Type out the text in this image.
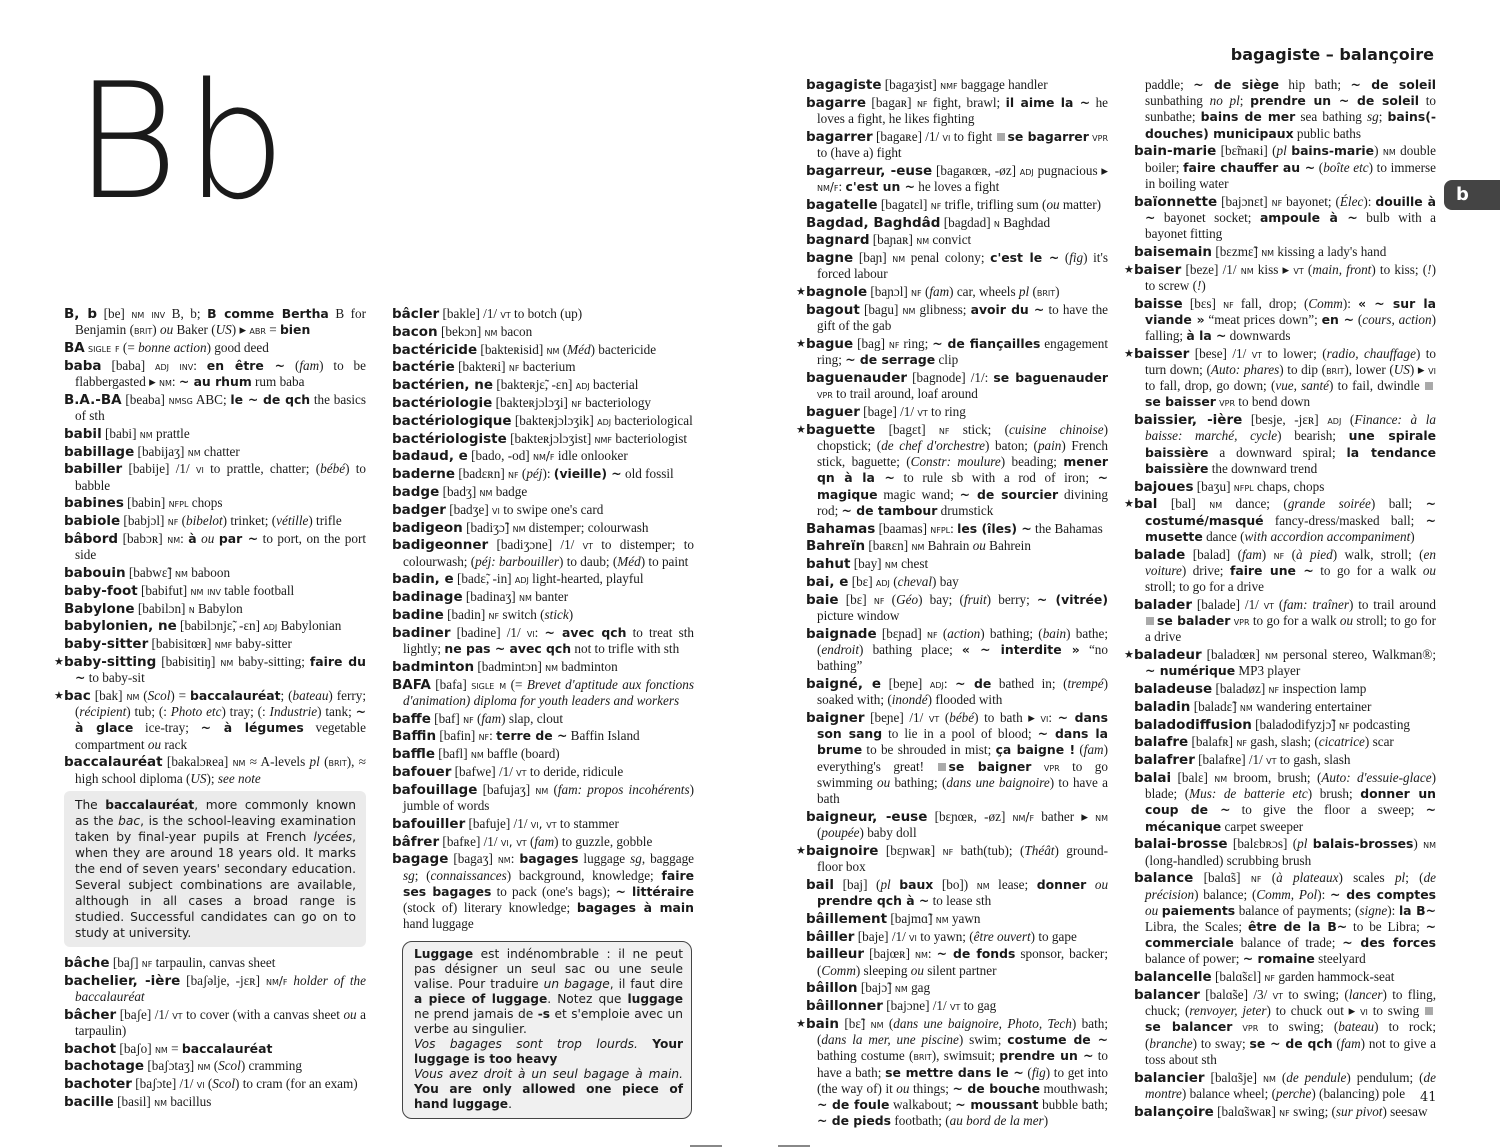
Bb	bagagiste – balançoire
b
41
B, b [be] nm inv B, b; B comme Bertha B for Benjamin (brit) ou Baker (US) ▸ abr = bien
BA sigle f (= bonne action) good deed
baba [baba] adj inv: en être ~ (fam) to be flabbergasted ▸ nm: ~ au rhum rum baba
B.A.-BA [beaba] nmsg ABC; le ~ de qch the basics of sth
babil [babi] nm prattle
babillage [babijaʒ] nm chatter
babiller [babije] /1/ vi to prattle, chatter; (bébé) to babble
babines [babin] nfpl chops
babiole [babjɔl] nf (bibelot) trinket; (vétille) trifle
bâbord [babɔʀ] nm: à ou par ~ to port, on the port side
babouin [babwɛ̃] nm baboon
baby-foot [babifut] nm inv table football
Babylone [babilɔn] n Babylon
babylonien, ne [babilɔnjɛ̃, -ɛn] adj Babylonian
baby-sitter [babisitœʀ] nmf baby-sitter
★ baby-sitting [babisitiŋ] nm baby-sitting; faire du ~ to baby-sit
★ bac [bak] nm (Scol) = baccalauréat; (bateau) ferry; (récipient) tub; (: Photo etc) tray; (: Industrie) tank; ~ à glace ice-tray; ~ à légumes vegetable compartment ou rack
baccalauréat [bakalɔʀea] nm ≈ A-levels pl (brit), ≈ high school diploma (US); see note
The baccalauréat, more commonly known as the bac, is the school-leaving examination taken by final-year pupils at French lycées, when they are around 18 years old. It marks the end of seven years' secondary education. Several subject combinations are available, although in all cases a broad range is studied. Successful candidates can go on to study at university.
bâche [baʃ] nf tarpaulin, canvas sheet
bachelier, -ière [baʃəlje, -jɛʀ] nm/f holder of the baccalauréat
bâcher [baʃe] /1/ vt to cover (with a canvas sheet ou a tarpaulin)
bachot [baʃo] nm = baccalauréat
bachotage [baʃɔtaʒ] nm (Scol) cramming
bachoter [baʃɔte] /1/ vi (Scol) to cram (for an exam)
bacille [basil] nm bacillus
bâcler [bakle] /1/ vt to botch (up)
bacon [bekɔn] nm bacon
bactéricide [bakteʀisid] nm (Méd) bactericide
bactérie [bakteʀi] nf bacterium
bactérien, ne [bakteʀjɛ̃, -ɛn] adj bacterial
bactériologie [bakteʀjɔlɔʒi] nf bacteriology
bactériologique [bakteʀjɔlɔʒik] adj bacteriological
bactériologiste [bakteʀjɔlɔʒist] nmf bacteriologist
badaud, e [bado, -od] nm/f idle onlooker
baderne [badɛʀn] nf (péj): (vieille) ~ old fossil
badge [badʒ] nm badge
badger [badʒe] vi to swipe one's card
badigeon [badiʒɔ̃] nm distemper; colourwash
badigeonner [badiʒɔne] /1/ vt to distemper; to colourwash; (péj: barbouiller) to daub; (Méd) to paint
badin, e [badɛ̃, -in] adj light-hearted, playful
badinage [badinaʒ] nm banter
badine [badin] nf switch (stick)
badiner [badine] /1/ vi: ~ avec qch to treat sth lightly; ne pas ~ avec qch not to trifle with sth
badminton [badmintɔn] nm badminton
BAFA [bafa] sigle m (= Brevet d'aptitude aux fonctions d'animation) diploma for youth leaders and workers
baffe [baf] nf (fam) slap, clout
Baffin [bafin] nf: terre de ~ Baffin Island
baffle [bafl] nm baffle (board)
bafouer [bafwe] /1/ vt to deride, ridicule
bafouillage [bafujaʒ] nm (fam: propos incohérents) jumble of words
bafouiller [bafuje] /1/ vi, vt to stammer
bâfrer [bafʀe] /1/ vi, vt (fam) to guzzle, gobble
bagage [bagaʒ] nm: bagages luggage sg, baggage sg; (connaissances) background, knowledge; faire ses bagages to pack (one's bags); ~ littéraire (stock of) literary knowledge; bagages à main hand luggage
Luggage est indénombrable : il ne peut pas désigner un seul sac ou une seule valise. Pour traduire un bagage, il faut dire a piece of luggage. Notez que luggage ne prend jamais de -s et s'emploie avec un verbe au singulier.
Vos bagages sont trop lourds. Your luggage is too heavy
Vous avez droit à un seul bagage à main. You are only allowed one piece of hand luggage.
bagagiste [bagaʒist] nmf baggage handler
bagarre [bagaʀ] nf fight, brawl; il aime la ~ he loves a fight, he likes fighting
bagarrer [bagaʀe] /1/ vi to fight se bagarrer vpr to (have a) fight
bagarreur, -euse [bagaʀœʀ, -øz] adj pugnacious ▸ nm/f: c'est un ~ he loves a fight
bagatelle [bagatɛl] nf trifle, trifling sum (ou matter)
Bagdad, Baghdâd [bagdad] n Baghdad
bagnard [baɲaʀ] nm convict
bagne [baɲ] nm penal colony; c'est le ~ (fig) it's forced labour
★ bagnole [baɲɔl] nf (fam) car, wheels pl (brit)
bagout [bagu] nm glibness; avoir du ~ to have the gift of the gab
★ bague [bag] nf ring; ~ de fiançailles engagement ring; ~ de serrage clip
baguenauder [bagnode] /1/: se baguenauder vpr to trail around, loaf around
baguer [bage] /1/ vt to ring
★ baguette [bagɛt] nf stick; (cuisine chinoise) chopstick; (de chef d'orchestre) baton; (pain) French stick, baguette; (Constr: moulure) beading; mener qn à la ~ to rule sb with a rod of iron; ~ magique magic wand; ~ de sourcier divining rod; ~ de tambour drumstick
Bahamas [baamas] nfpl: les (îles) ~ the Bahamas
Bahreïn [baʀɛn] nm Bahrain ou Bahrein
bahut [bay] nm chest
bai, e [bɛ] adj (cheval) bay
baie [bɛ] nf (Géo) bay; (fruit) berry; ~ (vitrée) picture window
baignade [bɛɲad] nf (action) bathing; (bain) bathe; (endroit) bathing place; « ~ interdite » “no bathing”
baigné, e [beɲe] adj: ~ de bathed in; (trempé) soaked with; (inondé) flooded with
baigner [beɲe] /1/ vt (bébé) to bath ▸ vi: ~ dans son sang to lie in a pool of blood; ~ dans la brume to be shrouded in mist; ça baigne ! (fam) everything's great! se baigner vpr to go swimming ou bathing; (dans une baignoire) to have a bath
baigneur, -euse [bɛɲœʀ, -øz] nm/f bather ▸ nm (poupée) baby doll
★ baignoire [bɛɲwaʀ] nf bath(tub); (Théât) ground-floor box
bail [baj] (pl baux [bo]) nm lease; donner ou prendre qch à ~ to lease sth
bâillement [bajmɑ̃] nm yawn
bâiller [baje] /1/ vi to yawn; (être ouvert) to gape
bailleur [bajœʀ] nm: ~ de fonds sponsor, backer; (Comm) sleeping ou silent partner
bâillon [bajɔ̃] nm gag
bâillonner [bajɔne] /1/ vt to gag
★ bain [bɛ̃] nm (dans une baignoire, Photo, Tech) bath; (dans la mer, une piscine) swim; costume de ~ bathing costume (brit), swimsuit; prendre un ~ to have a bath; se mettre dans le ~ (fig) to get into (the way of) it ou things; ~ de bouche mouthwash; ~ de foule walkabout; ~ moussant bubble bath; ~ de pieds footbath; (au bord de la mer)
paddle; ~ de siège hip bath; ~ de soleil sunbathing no pl; prendre un ~ de soleil to sunbathe; bains de mer sea bathing sg; bains(-douches) municipaux public baths
bain-marie [bɛ̃maʀi] (pl bains-marie) nm double boiler; faire chauffer au ~ (boîte etc) to immerse in boiling water
baïonnette [bajɔnɛt] nf bayonet; (Élec): douille à ~ bayonet socket; ampoule à ~ bulb with a bayonet fitting
baisemain [bɛzmɛ̃] nm kissing a lady's hand
★ baiser [beze] /1/ nm kiss ▸ vt (main, front) to kiss; (!) to screw (!)
baisse [bɛs] nf fall, drop; (Comm): « ~ sur la viande » “meat prices down”; en ~ (cours, action) falling; à la ~ downwards
★ baisser [bese] /1/ vt to lower; (radio, chauffage) to turn down; (Auto: phares) to dip (brit), lower (US) ▸ vi to fall, drop, go down; (vue, santé) to fail, dwindle se baisser vpr to bend down
baissier, -ière [besje, -jɛʀ] adj (Finance: à la baisse: marché, cycle) bearish; une spirale baissière a downward spiral; la tendance baissière the downward trend
bajoues [baʒu] nfpl chaps, chops
★ bal [bal] nm dance; (grande soirée) ball; ~ costumé/masqué fancy-dress/masked ball; ~ musette dance (with accordion accompaniment)
balade [balad] (fam) nf (à pied) walk, stroll; (en voiture) drive; faire une ~ to go for a walk ou stroll; to go for a drive
balader [balade] /1/ vt (fam: traîner) to trail around se balader vpr to go for a walk ou stroll; to go for a drive
★ baladeur [baladœʀ] nm personal stereo, Walkman®; ~ numérique MP3 player
baladeuse [baladøz] nf inspection lamp
baladin [baladɛ̃] nm wandering entertainer
baladodiffusion [baladodifyzjɔ̃] nf podcasting
balafre [balafʀ] nf gash, slash; (cicatrice) scar
balafrer [balafʀe] /1/ vt to gash, slash
balai [balɛ] nm broom, brush; (Auto: d'essuie-glace) blade; (Mus: de batterie etc) brush; donner un coup de ~ to give the floor a sweep; ~ mécanique carpet sweeper
balai-brosse [balɛbʀɔs] (pl balais-brosses) nm (long-handled) scrubbing brush
balance [balɑ̃s] nf (à plateaux) scales pl; (de précision) balance; (Comm, Pol): ~ des comptes ou paiements balance of payments; (signe): la B~ Libra, the Scales; être de la B~ to be Libra; ~ commerciale balance of trade; ~ des forces balance of power; ~ romaine steelyard
balancelle [balɑ̃sɛl] nf garden hammock-seat
balancer [balɑ̃se] /3/ vt to swing; (lancer) to fling, chuck; (renvoyer, jeter) to chuck out ▸ vi to swing se balancer vpr to swing; (bateau) to rock; (branche) to sway; se ~ de qch (fam) not to give a toss about sth
balancier [balɑ̃sje] nm (de pendule) pendulum; (de montre) balance wheel; (perche) (balancing) pole
balançoire [balɑ̃swaʀ] nf swing; (sur pivot) seesaw
